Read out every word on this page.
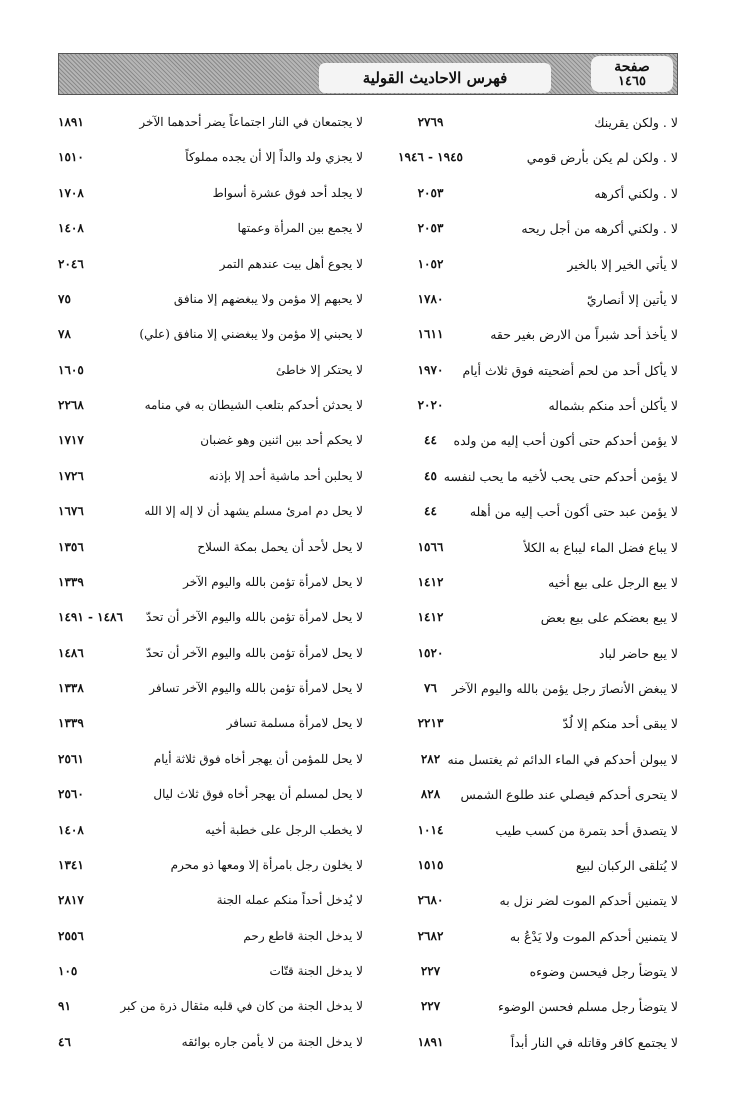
فهرس الاحاديث القولية
صفحة
١٤٦٥
لا . ولكن يقرينك
٢٧٦٩
لا يجتمعان في النار اجتماعاً يضر أحدهما الآخر
١٨٩١
لا . ولكن لم يكن بأرض قومي
١٩٤٥ - ١٩٤٦
لا يجزي ولد والداً إلا أن يجده مملوكاً
١٥١٠
لا . ولكني أكرهه
٢٠٥٣
لا يجلد أحد فوق عشرة أسواط
١٧٠٨
لا . ولكني أكرهه من أجل ريحه
٢٠٥٣
لا يجمع بين المرأة وعمتها
١٤٠٨
لا يأتي الخير إلا بالخير
١٠٥٢
لا يجوع أهل بيت عندهم التمر
٢٠٤٦
لا يأتين إلا أنصاريّ
١٧٨٠
لا يحبهم إلا مؤمن ولا يبغضهم إلا منافق
٧٥
لا يأخذ أحد شبراً من الارض بغير حقه
١٦١١
لا يحبني إلا مؤمن ولا يبغضني إلا منافق (علي)
٧٨
لا يأكل أحد من لحم أضحيته فوق ثلاث أيام
١٩٧٠
لا يحتكر إلا خاطئ
١٦٠٥
لا يأكلن أحد منكم بشماله
٢٠٢٠
لا يحدثن أحدكم بتلعب الشيطان به في منامه
٢٢٦٨
لا يؤمن أحدكم حتى أكون أحب إليه من ولده
٤٤
لا يحكم أحد بين اثنين وهو غضبان
١٧١٧
لا يؤمن أحدكم حتى يحب لأخيه ما يحب لنفسه
٤٥
لا يحلبن أحد ماشية أحد إلا بإذنه
١٧٢٦
لا يؤمن عبد حتى أكون أحب إليه من أهله
٤٤
لا يحل دم امرئ مسلم يشهد أن لا إله إلا الله
١٦٧٦
لا يباع فضل الماء ليباع به الكلأ
١٥٦٦
لا يحل لأحد أن يحمل بمكة السلاح
١٣٥٦
لا يبع الرجل على بيع أخيه
١٤١٢
لا يحل لامرأة تؤمن بالله واليوم الآخر
١٣٣٩
لا يبع بعضكم على بيع بعض
١٤١٢
لا يحل لامرأة تؤمن بالله واليوم الآخر أن تحدّ
١٤٨٦ - ١٤٩١
لا يبع حاضر لباد
١٥٢٠
لا يحل لامرأة تؤمن بالله واليوم الآخر أن تحدّ
١٤٨٦
لا يبغض الأنصارَ رجل يؤمن بالله واليوم الآخر
٧٦
لا يحل لامرأة تؤمن بالله واليوم الآخر تسافر
١٣٣٨
لا يبقى أحد منكم إلا لُدّ
٢٢١٣
لا يحل لامرأة مسلمة تسافر
١٣٣٩
لا يبولن أحدكم في الماء الدائم ثم يغتسل منه
٢٨٢
لا يحل للمؤمن أن يهجر أخاه فوق ثلاثة أيام
٢٥٦١
لا يتحرى أحدكم فيصلي عند طلوع الشمس
٨٢٨
لا يحل لمسلم أن يهجر أخاه فوق ثلاث ليال
٢٥٦٠
لا يتصدق أحد بتمرة من كسب طيب
١٠١٤
لا يخطب الرجل على خطبة أخيه
١٤٠٨
لا يُتلقى الركبان لبيع
١٥١٥
لا يخلون رجل بامرأة إلا ومعها ذو محرم
١٣٤١
لا يتمنين أحدكم الموت لضر نزل به
٢٦٨٠
لا يُدخل أحداً منكم عمله الجنة
٢٨١٧
لا يتمنين أحدكم الموت ولا يَدْعُ به
٢٦٨٢
لا يدخل الجنة قاطع رحم
٢٥٥٦
لا يتوضأ رجل فيحسن وضوءه
٢٢٧
لا يدخل الجنة قتّات
١٠٥
لا يتوضأ رجل مسلم فحسن الوضوء
٢٢٧
لا يدخل الجنة من كان في قلبه مثقال ذرة من كبر
٩١
لا يجتمع كافر وقاتله في النار أبداً
١٨٩١
لا يدخل الجنة من لا يأمن جاره بوائقه
٤٦
